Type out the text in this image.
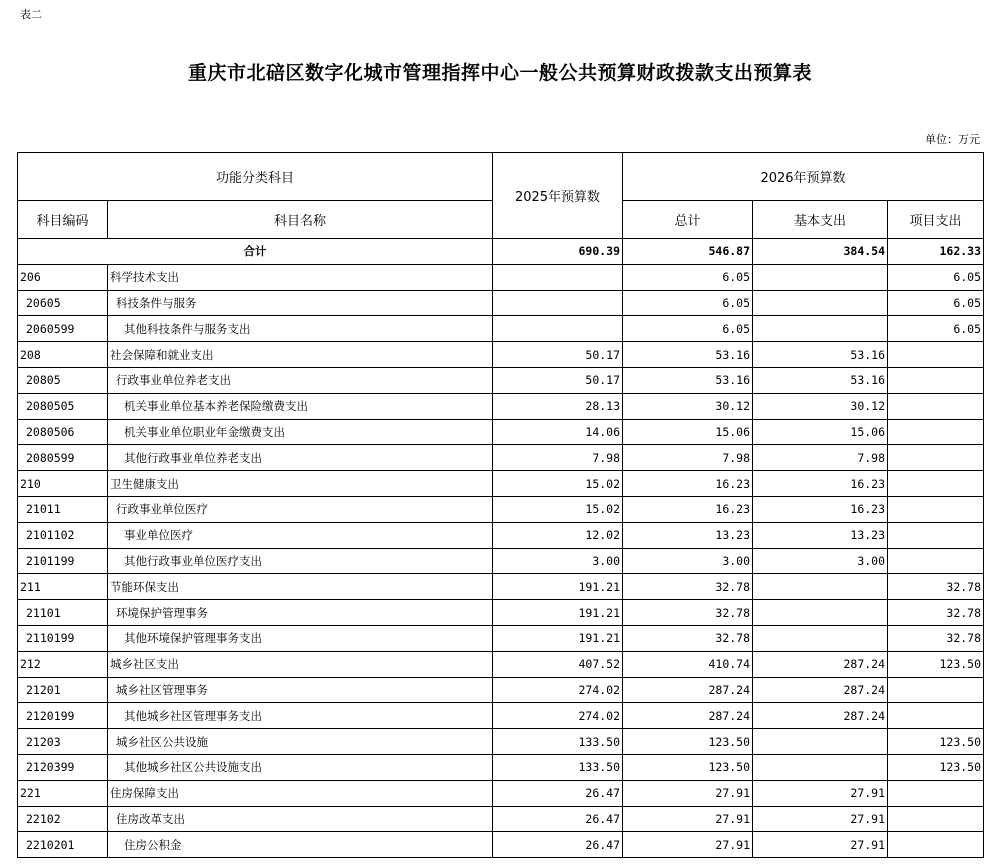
表二
重庆市北碚区数字化城市管理指挥中心一般公共预算财政拨款支出预算表
单位：万元
功能分类科目		2025年预算数	2026年预算数		
科目编码	科目名称		总计	基本支出	项目支出
合计		690.39	546.87	384.54	162.33
206	科学技术支出		6.05		6.05
20605	科技条件与服务		6.05		6.05
2060599	其他科技条件与服务支出		6.05		6.05
208	社会保障和就业支出	50.17	53.16	53.16	
20805	行政事业单位养老支出	50.17	53.16	53.16	
2080505	机关事业单位基本养老保险缴费支出	28.13	30.12	30.12	
2080506	机关事业单位职业年金缴费支出	14.06	15.06	15.06	
2080599	其他行政事业单位养老支出	7.98	7.98	7.98	
210	卫生健康支出	15.02	16.23	16.23	
21011	行政事业单位医疗	15.02	16.23	16.23	
2101102	事业单位医疗	12.02	13.23	13.23	
2101199	其他行政事业单位医疗支出	3.00	3.00	3.00	
211	节能环保支出	191.21	32.78		32.78
21101	环境保护管理事务	191.21	32.78		32.78
2110199	其他环境保护管理事务支出	191.21	32.78		32.78
212	城乡社区支出	407.52	410.74	287.24	123.50
21201	城乡社区管理事务	274.02	287.24	287.24	
2120199	其他城乡社区管理事务支出	274.02	287.24	287.24	
21203	城乡社区公共设施	133.50	123.50		123.50
2120399	其他城乡社区公共设施支出	133.50	123.50		123.50
221	住房保障支出	26.47	27.91	27.91	
22102	住房改革支出	26.47	27.91	27.91	
2210201	住房公积金	26.47	27.91	27.91	
